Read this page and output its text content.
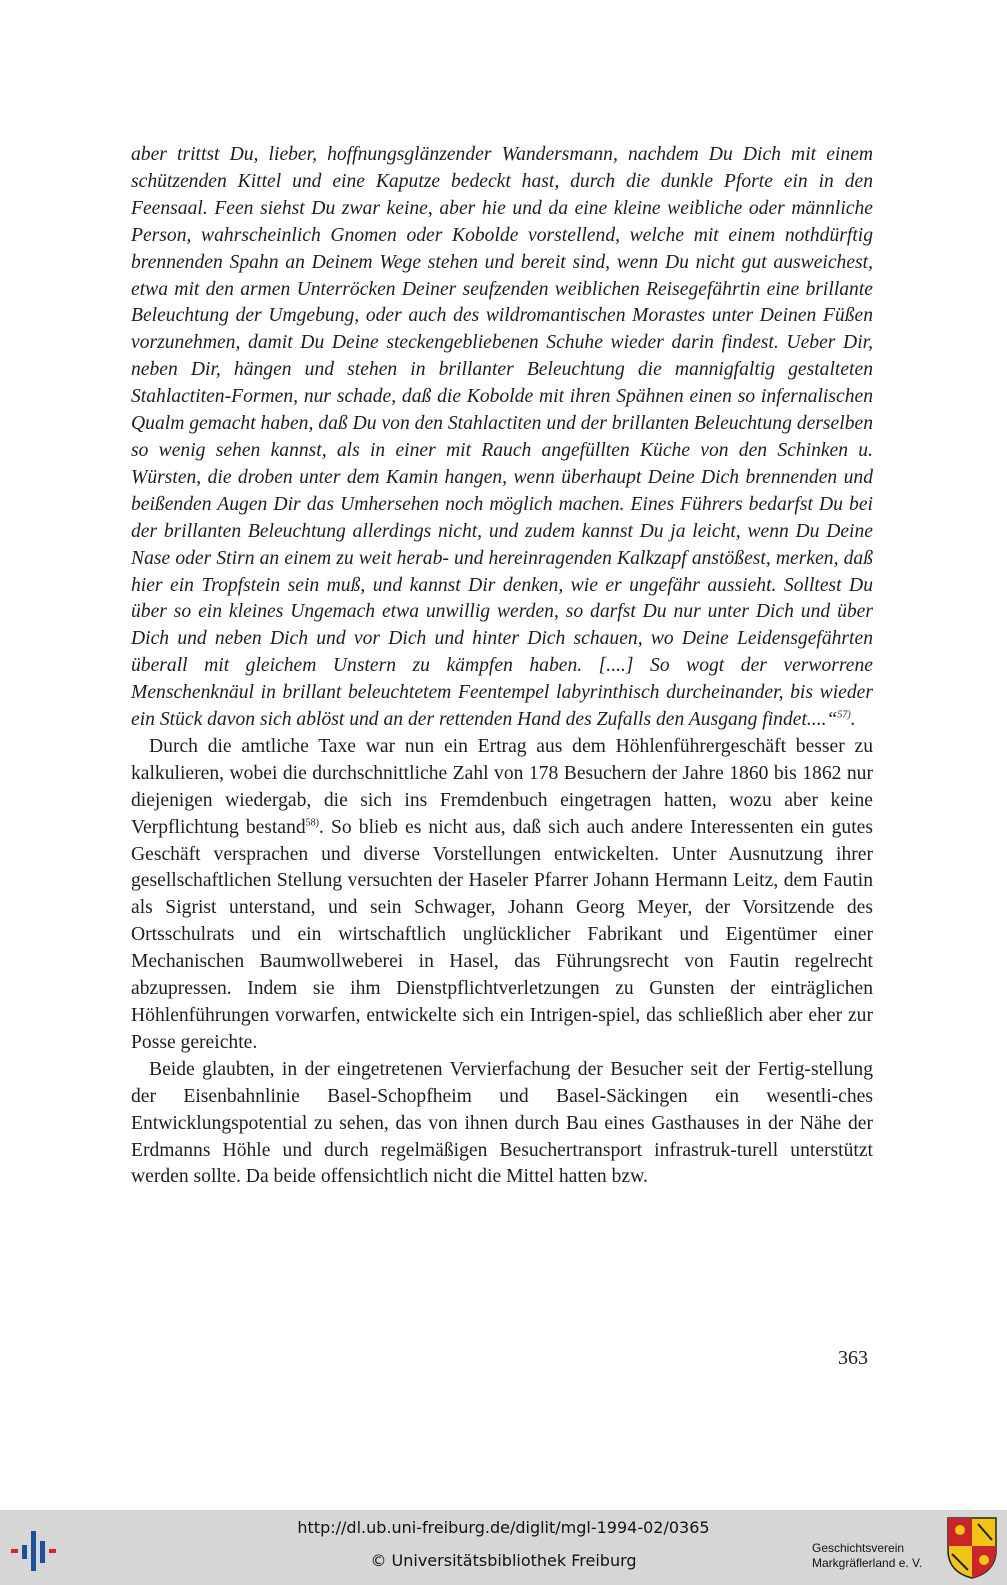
aber trittst Du, lieber, hoffnungsglänzender Wandersmann, nachdem Du Dich mit einem schützenden Kittel und eine Kaputze bedeckt hast, durch die dunkle Pforte ein in den Feensaal. Feen siehst Du zwar keine, aber hie und da eine kleine weibliche oder männliche Person, wahrscheinlich Gnomen oder Kobolde vorstellend, welche mit einem nothdürftig brennenden Spahn an Deinem Wege stehen und bereit sind, wenn Du nicht gut ausweichest, etwa mit den armen Unterröcken Deiner seufzenden weiblichen Reisegefährtin eine brillante Beleuchtung der Umgebung, oder auch des wildromantischen Morastes unter Deinen Füßen vorzunehmen, damit Du Deine steckengebliebenen Schuhe wieder darin findest. Ueber Dir, neben Dir, hängen und stehen in brillanter Beleuchtung die mannigfaltig gestalteten Stahlactiten-Formen, nur schade, daß die Kobolde mit ihren Spähnen einen so infernalischen Qualm gemacht haben, daß Du von den Stahlactiten und der brillanten Beleuchtung derselben so wenig sehen kannst, als in einer mit Rauch angefüllten Küche von den Schinken u. Würsten, die droben unter dem Kamin hangen, wenn überhaupt Deine Dich brennenden und beißenden Augen Dir das Umhersehen noch möglich machen. Eines Führers bedarfst Du bei der brillanten Beleuchtung allerdings nicht, und zudem kannst Du ja leicht, wenn Du Deine Nase oder Stirn an einem zu weit herab- und hereinragenden Kalkzapf anstößest, merken, daß hier ein Tropfstein sein muß, und kannst Dir denken, wie er ungefähr aussieht. Solltest Du über so ein kleines Ungemach etwa unwillig werden, so darfst Du nur unter Dich und über Dich und neben Dich und vor Dich und hinter Dich schauen, wo Deine Leidensgefährten überall mit gleichem Unstern zu kämpfen haben. [....] So wogt der verworrene Menschenknäul in brillant beleuchtetem Feentempel labyrinthisch durcheinander, bis wieder ein Stück davon sich ablöst und an der rettenden Hand des Zufalls den Ausgang findet....“$^{57)}$.

Durch die amtliche Taxe war nun ein Ertrag aus dem Höhlenführergeschäft besser zu kalkulieren, wobei die durchschnittliche Zahl von 178 Besuchern der Jahre 1860 bis 1862 nur diejenigen wiedergab, die sich ins Fremdenbuch eingetragen hatten, wozu aber keine Verpflichtung bestand$^{58)}$. So blieb es nicht aus, daß sich auch andere Interessenten ein gutes Geschäft versprachen und diverse Vorstellungen entwickelten. Unter Ausnutzung ihrer gesellschaftlichen Stellung versuchten der Haseler Pfarrer Johann Hermann Leitz, dem Fautin als Sigrist unterstand, und sein Schwager, Johann Georg Meyer, der Vorsitzende des Ortsschulrats und ein wirtschaftlich unglücklicher Fabrikant und Eigentümer einer Mechanischen Baumwollweberei in Hasel, das Führungsrecht von Fautin regelrecht abzupressen. Indem sie ihm Dienstpflichtverletzungen zu Gunsten der einträglichen Höhlenführungen vorwarfen, entwickelte sich ein Intrigen-spiel, das schließlich aber eher zur Posse gereichte.

Beide glaubten, in der eingetretenen Vervierfachung der Besucher seit der Fertig-stellung der Eisenbahnlinie Basel-Schopfheim und Basel-Säckingen ein wesentli-ches Entwicklungspotential zu sehen, das von ihnen durch Bau eines Gasthauses in der Nähe der Erdmanns Höhle und durch regelmäßigen Besuchertransport infrastruk-turell unterstützt werden sollte. Da beide offensichtlich nicht die Mittel hatten bzw.

363
http://dl.ub.uni-freiburg.de/diglit/mgl-1994-02/0365
© Universitätsbibliothek Freiburg
Geschichtsverein
Markgräflerland e. V.
